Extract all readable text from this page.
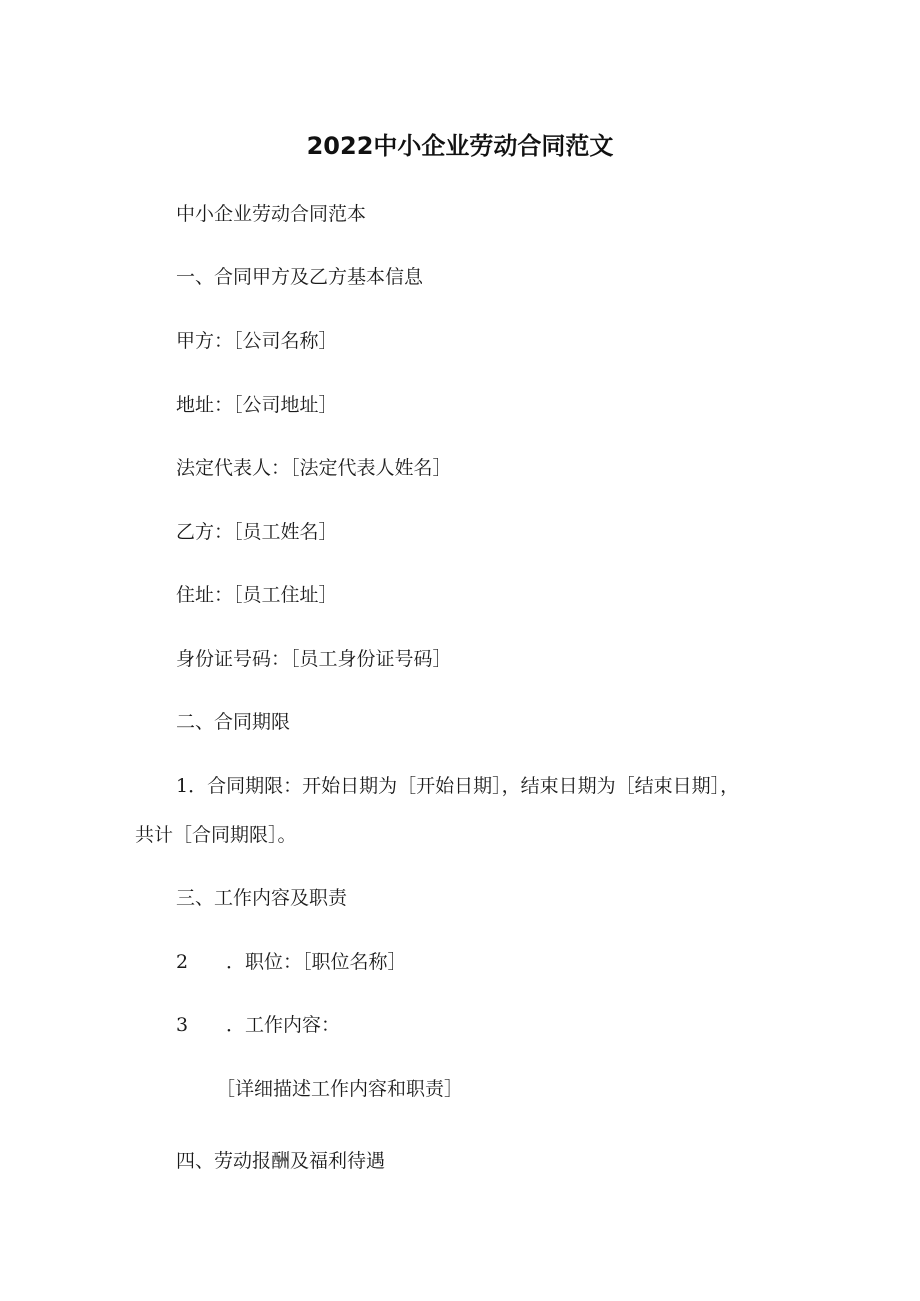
2022中小企业劳动合同范文
中小企业劳动合同范本
一、合同甲方及乙方基本信息
甲方：［公司名称］
地址：［公司地址］
法定代表人：［法定代表人姓名］
乙方：［员工姓名］
住址：［员工住址］
身份证号码：［员工身份证号码］
二、合同期限
1．合同期限：开始日期为［开始日期］，结束日期为［结束日期］，
共计［合同期限］。
三、工作内容及职责
2 ．职位：［职位名称］
3 ．工作内容：
［详细描述工作内容和职责］
四、劳动报酬及福利待遇
